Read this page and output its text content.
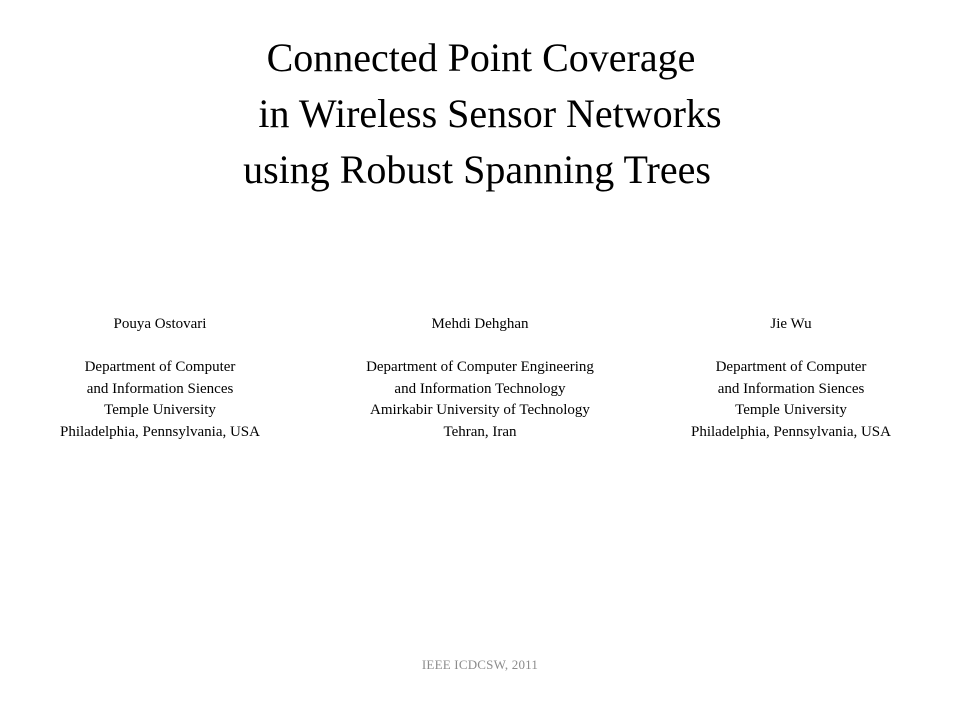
Connected Point Coverage
in Wireless Sensor Networks
using Robust Spanning Trees
Pouya Ostovari
Department of Computer
and Information Siences
Temple University
Philadelphia, Pennsylvania, USA
Mehdi Dehghan
Department of Computer Engineering
and Information Technology
Amirkabir University of Technology
Tehran, Iran
Jie Wu
Department of Computer
and Information Siences
Temple University
Philadelphia, Pennsylvania, USA
IEEE ICDCSW, 2011
